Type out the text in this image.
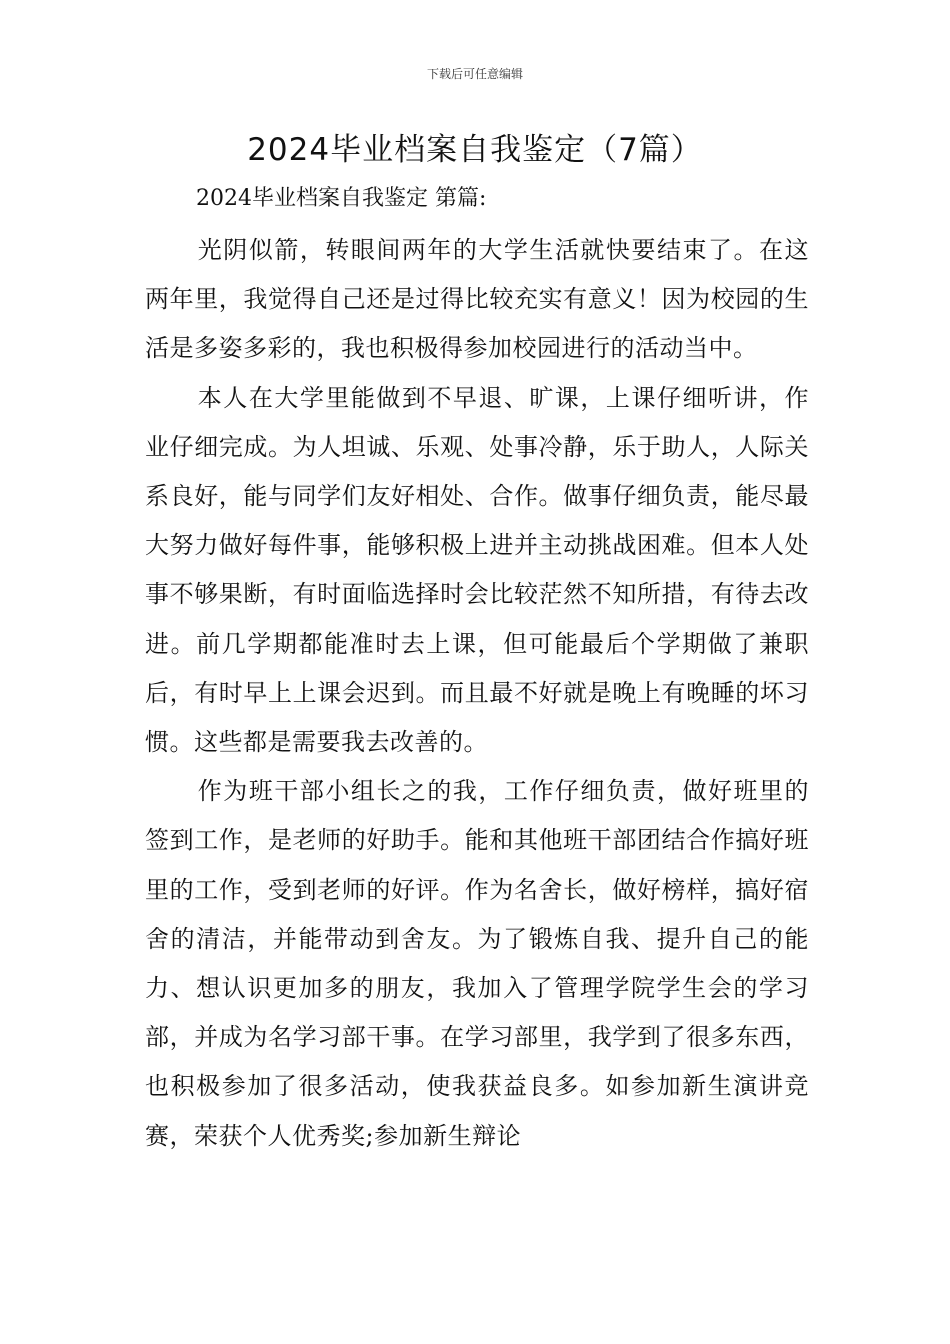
下载后可任意编辑
2024毕业档案自我鉴定（7篇）
2024毕业档案自我鉴定 第篇:

光阴似箭，转眼间两年的大学生活就快要结束了。在这两年里，我觉得自己还是过得比较充实有意义！因为校园的生活是多姿多彩的，我也积极得参加校园进行的活动当中。

本人在大学里能做到不早退、旷课，上课仔细听讲，作业仔细完成。为人坦诚、乐观、处事冷静，乐于助人，人际关系良好，能与同学们友好相处、合作。做事仔细负责，能尽最大努力做好每件事，能够积极上进并主动挑战困难。但本人处事不够果断，有时面临选择时会比较茫然不知所措，有待去改进。前几学期都能准时去上课，但可能最后个学期做了兼职后，有时早上上课会迟到。而且最不好就是晚上有晚睡的坏习惯。这些都是需要我去改善的。

作为班干部小组长之的我，工作仔细负责，做好班里的签到工作，是老师的好助手。能和其他班干部团结合作搞好班里的工作，受到老师的好评。作为名舍长，做好榜样，搞好宿舍的清洁，并能带动到舍友。为了锻炼自我、提升自己的能力、想认识更加多的朋友，我加入了管理学院学生会的学习部，并成为名学习部干事。在学习部里，我学到了很多东西，也积极参加了很多活动，使我获益良多。如参加新生演讲竞赛，荣获个人优秀奖;参加新生辩论
